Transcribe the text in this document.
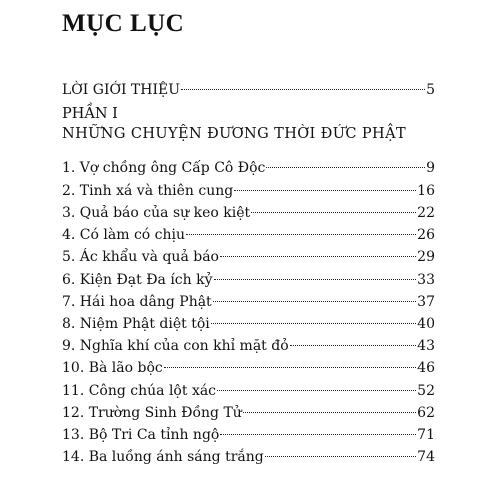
MỤC LỤC
LỜI GIỚI THIỆU	5
PHẦN I
NHỮNG CHUYỆN ĐƯƠNG THỜI ĐỨC PHẬT
1. Vợ chồng ông Cấp Cô Độc	9
2. Tinh xá và thiên cung	16
3. Quả báo của sự keo kiệt	22
4. Có làm có chịu	26
5. Ác khẩu và quả báo	29
6. Kiện Đạt Đa ích kỷ	33
7. Hái hoa dâng Phật	37
8. Niệm Phật diệt tội	40
9. Nghĩa khí của con khỉ mặt đỏ	43
10. Bà lão bộc	46
11. Công chúa lột xác	52
12. Trường Sinh Đồng Tử	62
13. Bộ Tri Ca tỉnh ngộ	71
14. Ba luồng ánh sáng trắng	74
